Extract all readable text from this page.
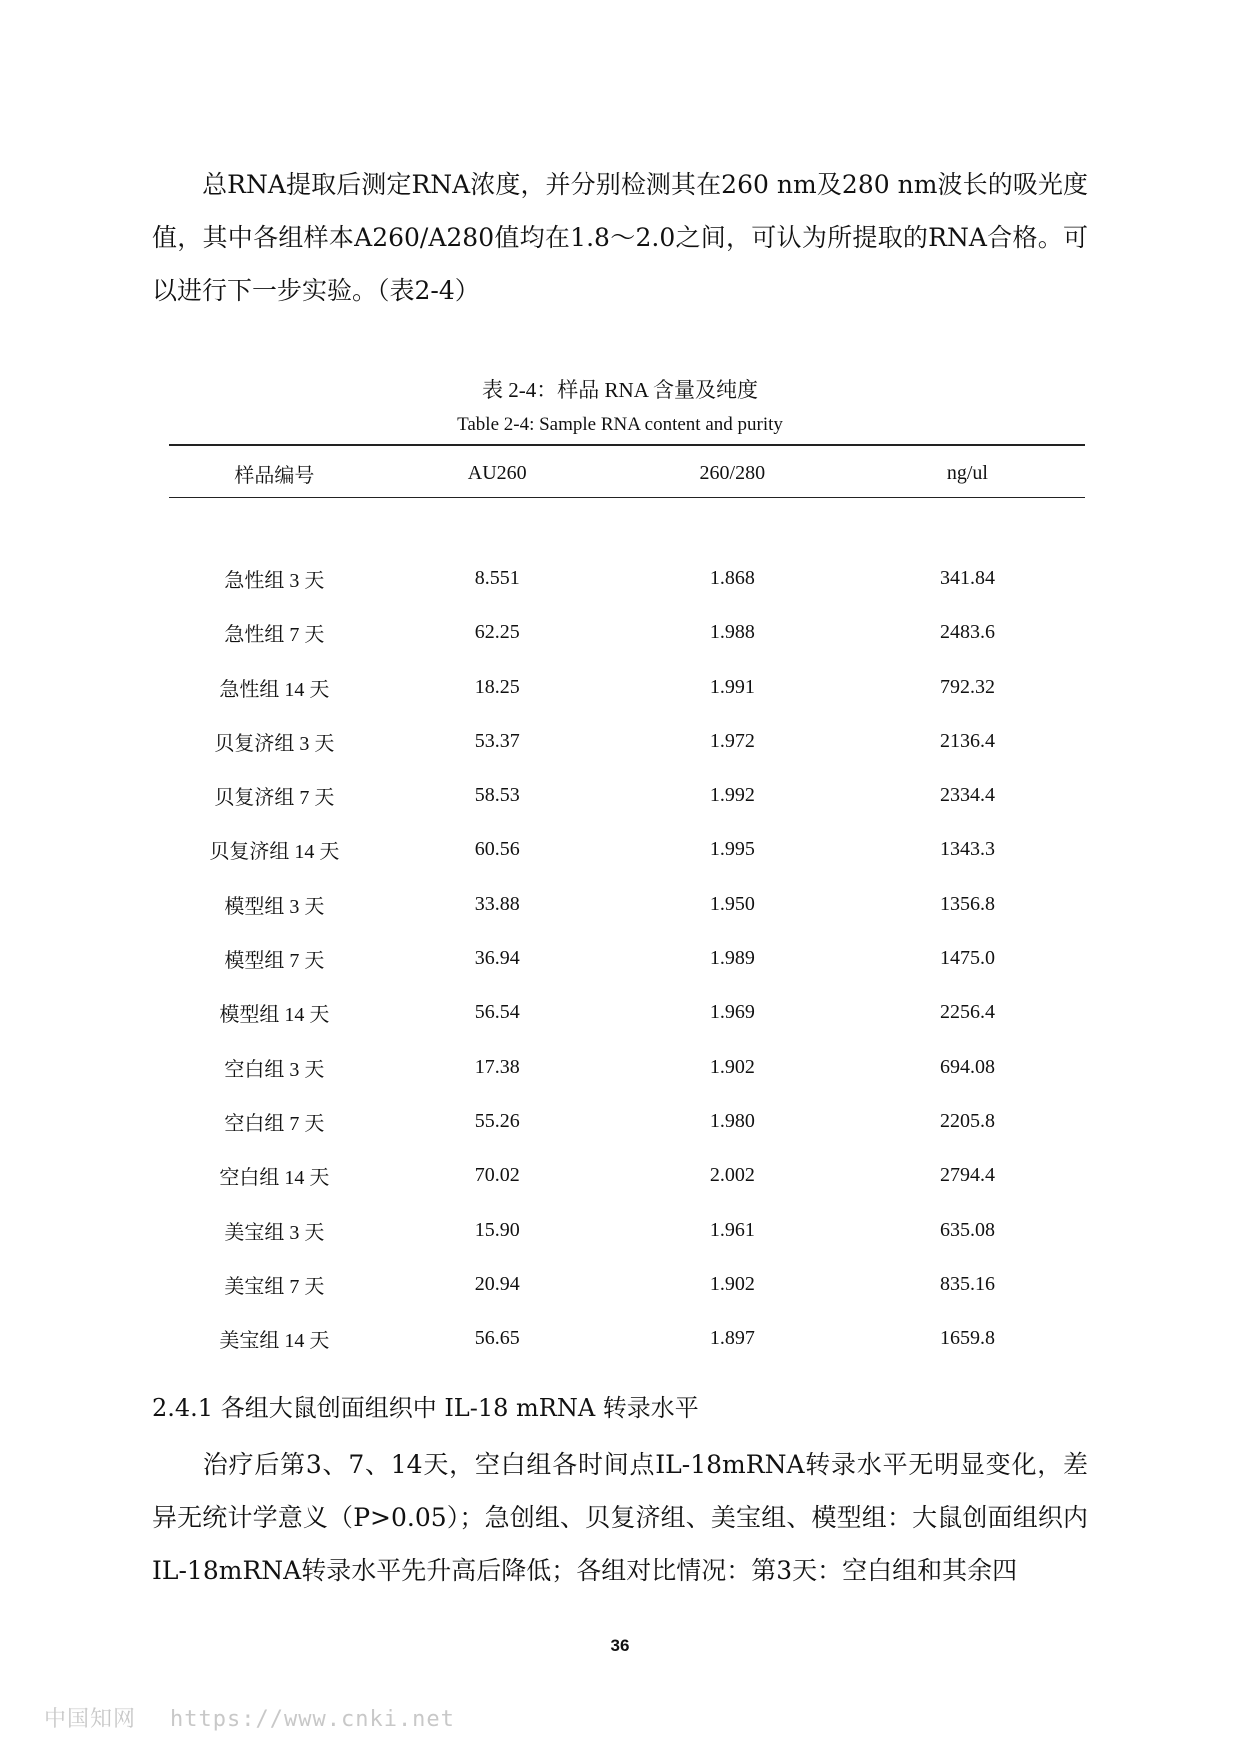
总RNA提取后测定RNA浓度，并分别检测其在260 nm及280 nm波长的吸光度值，其中各组样本A260/A280值均在1.8～2.0之间，可认为所提取的RNA合格。可以进行下一步实验。（表2-4）

表 2-4：样品 RNA 含量及纯度
Table 2-4: Sample RNA content and purity
样品编号	AU260	260/280	ng/ul

急性组 3 天	8.551	1.868	341.84
急性组 7 天	62.25	1.988	2483.6
急性组 14 天	18.25	1.991	792.32
贝复济组 3 天	53.37	1.972	2136.4
贝复济组 7 天	58.53	1.992	2334.4
贝复济组 14 天	60.56	1.995	1343.3
模型组 3 天	33.88	1.950	1356.8
模型组 7 天	36.94	1.989	1475.0
模型组 14 天	56.54	1.969	2256.4
空白组 3 天	17.38	1.902	694.08
空白组 7 天	55.26	1.980	2205.8
空白组 14 天	70.02	2.002	2794.4
美宝组 3 天	15.90	1.961	635.08
美宝组 7 天	20.94	1.902	835.16
美宝组 14 天	56.65	1.897	1659.8
2.4.1 各组大鼠创面组织中 IL-18 mRNA 转录水平

治疗后第3、7、14天，空白组各时间点IL-18mRNA转录水平无明显变化，差异无统计学意义（P>0.05）；急创组、贝复济组、美宝组、模型组：大鼠创面组织内IL-18mRNA转录水平先升高后降低；各组对比情况：第3天：空白组和其余四

36
中国知网 https://www.cnki.net
